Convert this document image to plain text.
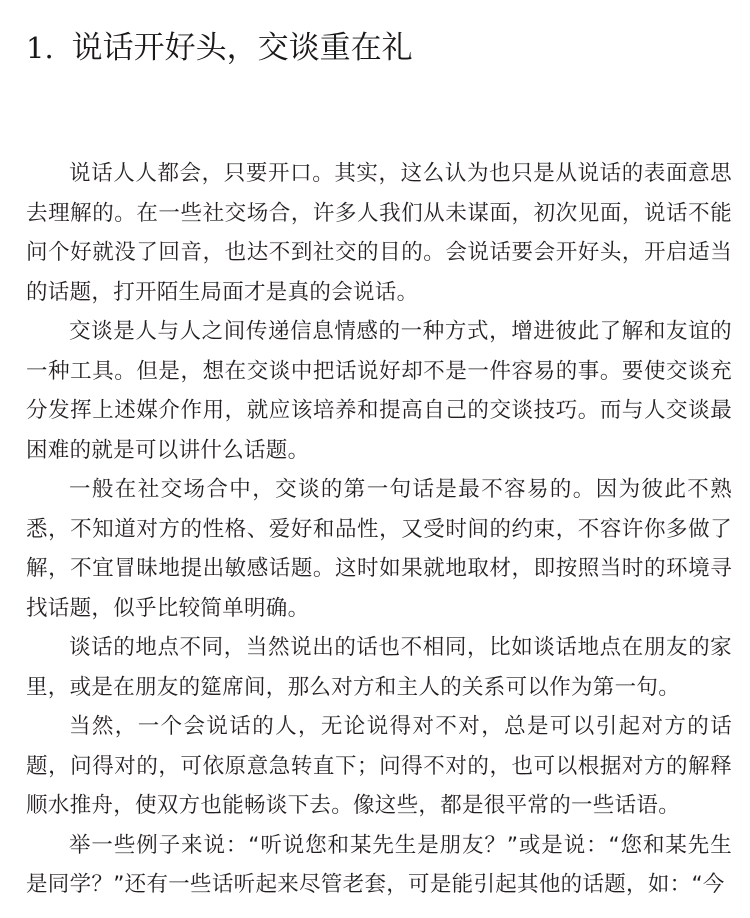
1. 说话开好头，交谈重在礼

说话人人都会，只要开口。其实，这么认为也只是从说话的表面意思去理解的。在一些社交场合，许多人我们从未谋面，初次见面，说话不能问个好就没了回音，也达不到社交的目的。会说话要会开好头，开启适当的话题，打开陌生局面才是真的会说话。

交谈是人与人之间传递信息情感的一种方式，增进彼此了解和友谊的一种工具。但是，想在交谈中把话说好却不是一件容易的事。要使交谈充分发挥上述媒介作用，就应该培养和提高自己的交谈技巧。而与人交谈最困难的就是可以讲什么话题。

一般在社交场合中，交谈的第一句话是最不容易的。因为彼此不熟悉，不知道对方的性格、爱好和品性，又受时间的约束，不容许你多做了解，不宜冒昧地提出敏感话题。这时如果就地取材，即按照当时的环境寻找话题，似乎比较简单明确。

谈话的地点不同，当然说出的话也不相同，比如谈话地点在朋友的家里，或是在朋友的筵席间，那么对方和主人的关系可以作为第一句。

当然，一个会说话的人，无论说得对不对，总是可以引起对方的话题，问得对的，可依原意急转直下；问得不对的，也可以根据对方的解释顺水推舟，使双方也能畅谈下去。像这些，都是很平常的一些话语。

举一些例子来说：“听说您和某先生是朋友？”或是说：“您和某先生是同学？”还有一些话听起来尽管老套，可是能引起其他的话题，如：“今
